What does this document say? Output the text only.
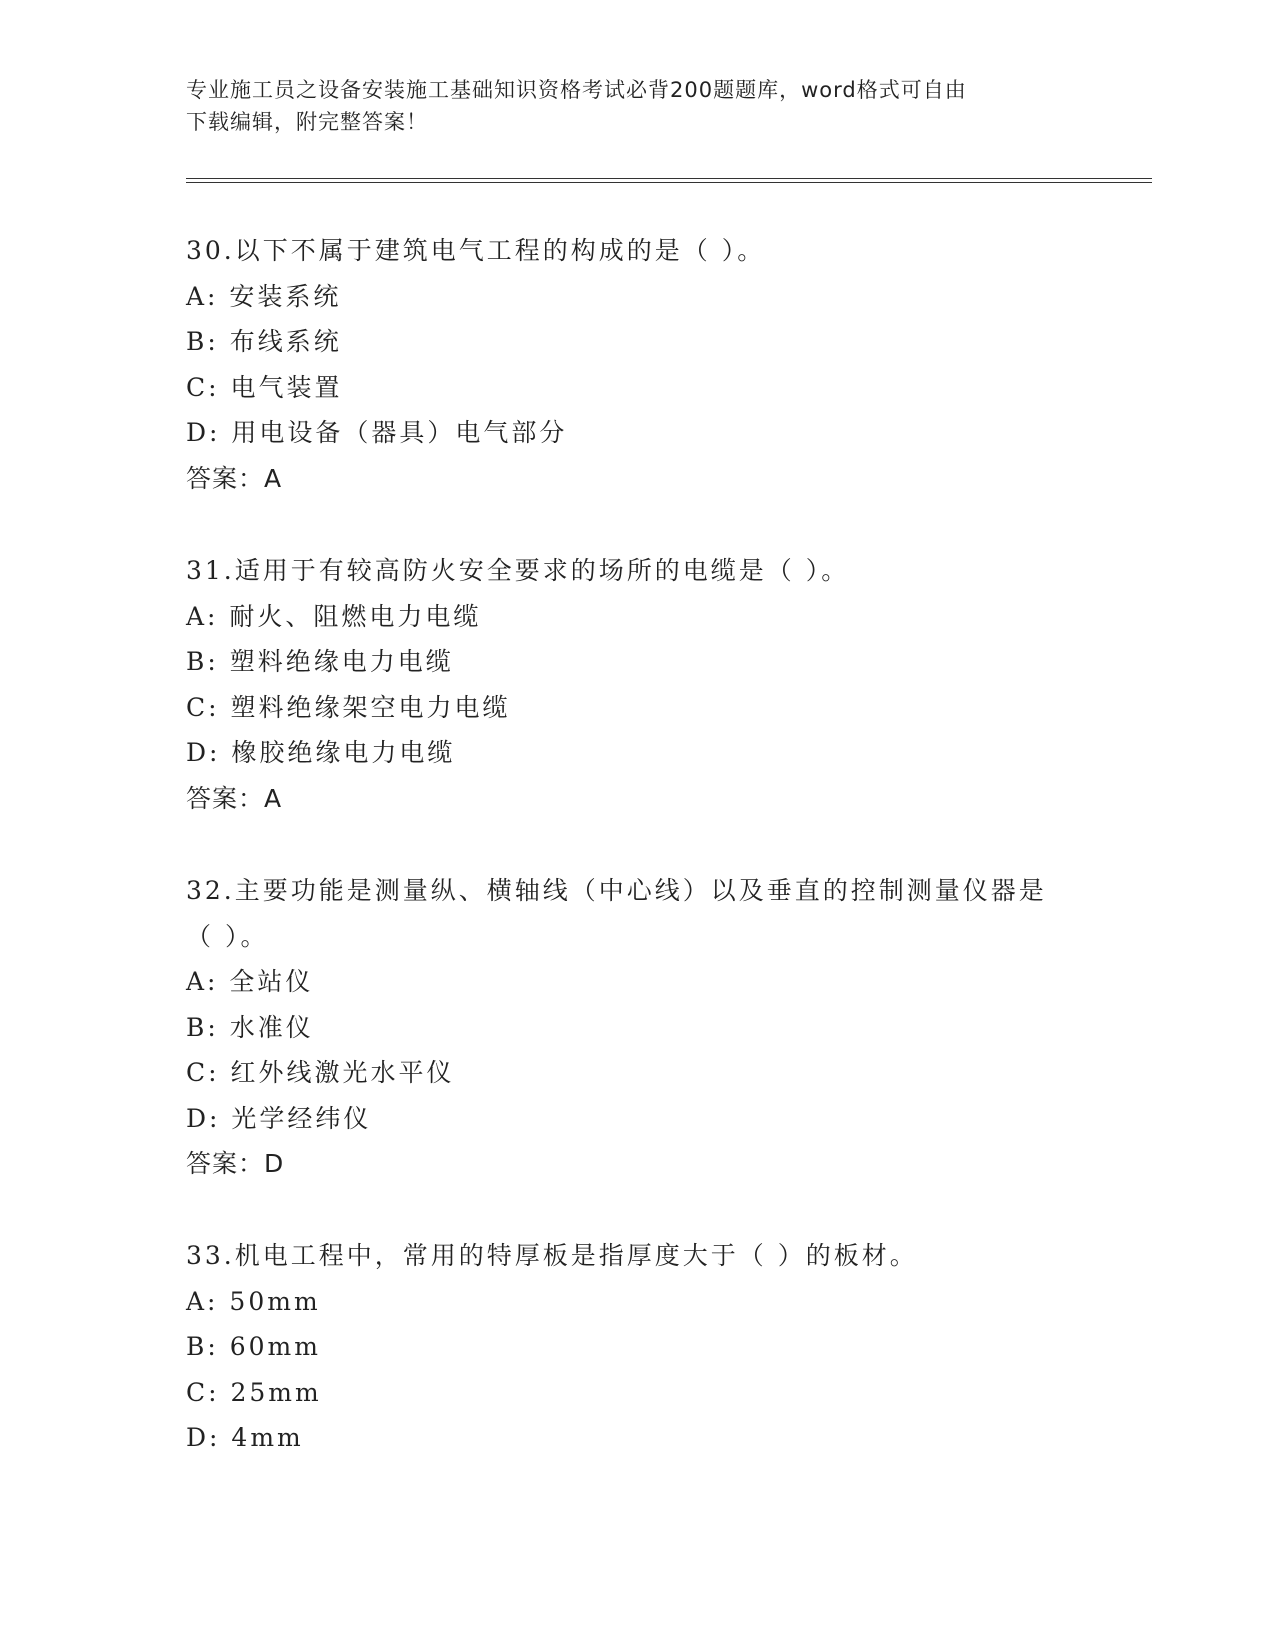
专业施工员之设备安装施工基础知识资格考试必背200题题库，word格式可自由
下载编辑，附完整答案！
30.以下不属于建筑电气工程的构成的是（ ）。
A: 安装系统
B: 布线系统
C: 电气装置
D: 用电设备（器具）电气部分
答案：A
31.适用于有较高防火安全要求的场所的电缆是（ ）。
A: 耐火、阻燃电力电缆
B: 塑料绝缘电力电缆
C: 塑料绝缘架空电力电缆
D: 橡胶绝缘电力电缆
答案：A
32.主要功能是测量纵、横轴线（中心线）以及垂直的控制测量仪器是
（ ）。
A: 全站仪
B: 水准仪
C: 红外线激光水平仪
D: 光学经纬仪
答案：D
33.机电工程中，常用的特厚板是指厚度大于（ ）的板材。
A: 50mm
B: 60mm
C: 25mm
D: 4mm
